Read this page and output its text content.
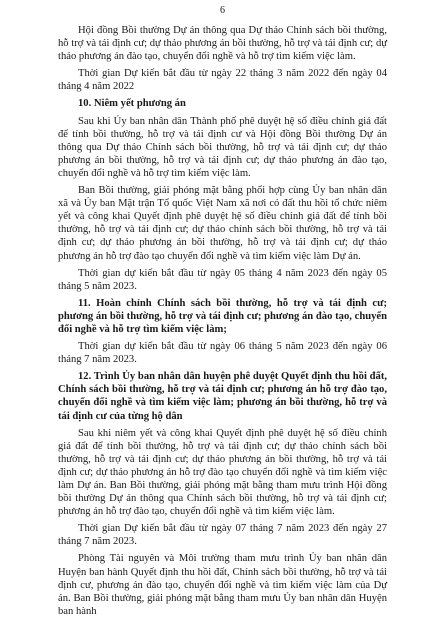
6

Hội đồng Bồi thường Dự án thông qua Dự thảo Chính sách bồi thường, hỗ trợ và tái định cư; dự thảo phương án bồi thường, hỗ trợ và tái định cư; dự thảo phương án đào tạo, chuyển đổi nghề và hỗ trợ tìm kiếm việc làm.

Thời gian Dự kiến bắt đầu từ ngày 22 tháng 3 năm 2022 đến ngày 04 tháng 4 năm 2022

10. Niêm yết phương án

Sau khi Ủy ban nhân dân Thành phố phê duyệt hệ số điều chỉnh giá đất để tính bồi thường, hỗ trợ và tái định cư và Hội đồng Bồi thường Dự án thông qua Dự thảo Chính sách bồi thường, hỗ trợ và tái định cư; dự thảo phương án bồi thường, hỗ trợ và tái định cư; dự thảo phương án đào tạo, chuyển đổi nghề và hỗ trợ tìm kiếm việc làm.

Ban Bồi thường, giải phóng mặt bằng phối hợp cùng Ủy ban nhân dân xã và Ủy ban Mặt trận Tổ quốc Việt Nam xã nơi có đất thu hồi tổ chức niêm yết và công khai Quyết định phê duyệt hệ số điều chỉnh giá đất để tính bồi thường, hỗ trợ và tái định cư; dự thảo chính sách bồi thường, hỗ trợ và tái định cư; dự thảo phương án bồi thường, hỗ trợ và tái định cư; dự thảo phương án hỗ trợ đào tạo chuyển đổi nghề và tìm kiếm việc làm Dự án.

Thời gian dự kiến bắt đầu từ ngày 05 tháng 4 năm 2023 đến ngày 05 tháng 5 năm 2023.

11. Hoàn chỉnh Chính sách bồi thường, hỗ trợ và tái định cư; phương án bồi thường, hỗ trợ và tái định cư; phương án đào tạo, chuyển đổi nghề và hỗ trợ tìm kiếm việc làm;

Thời gian dự kiến bắt đầu từ ngày 06 tháng 5 năm 2023 đến ngày 06 tháng 7 năm 2023.

12. Trình Ủy ban nhân dân huyện phê duyệt Quyết định thu hồi đất, Chính sách bồi thường, hỗ trợ và tái định cư; phương án hỗ trợ đào tạo, chuyển đổi nghề và tìm kiếm việc làm; phương án bồi thường, hỗ trợ và tái định cư của từng hộ dân

Sau khi niêm yết và công khai Quyết định phê duyệt hệ số điều chỉnh giá đất để tính bồi thường, hỗ trợ và tái định cư; dự thảo chính sách bồi thường, hỗ trợ và tái định cư; dự thảo phương án bồi thường, hỗ trợ và tái định cư; dự thảo phương án hỗ trợ đào tạo chuyển đổi nghề và tìm kiếm việc làm Dự án. Ban Bồi thường, giải phóng mặt bằng tham mưu trình Hội đồng bồi thường Dự án thông qua Chính sách bồi thường, hỗ trợ và tái định cư; phương án hỗ trợ đào tạo, chuyển đổi nghề và tìm kiếm việc làm.

Thời gian Dự kiến bắt đầu từ ngày 07 tháng 7 năm 2023 đến ngày 27 tháng 7 năm 2023.

Phòng Tài nguyên và Môi trường tham mưu trình Ủy ban nhân dân Huyện ban hành Quyết định thu hồi đất, Chính sách bồi thường, hỗ trợ và tái định cư, phương án đào tạo, chuyển đổi nghề và tìm kiếm việc làm của Dự án. Ban Bồi thường, giải phóng mặt bằng tham mưu Ủy ban nhân dân Huyện ban hành
